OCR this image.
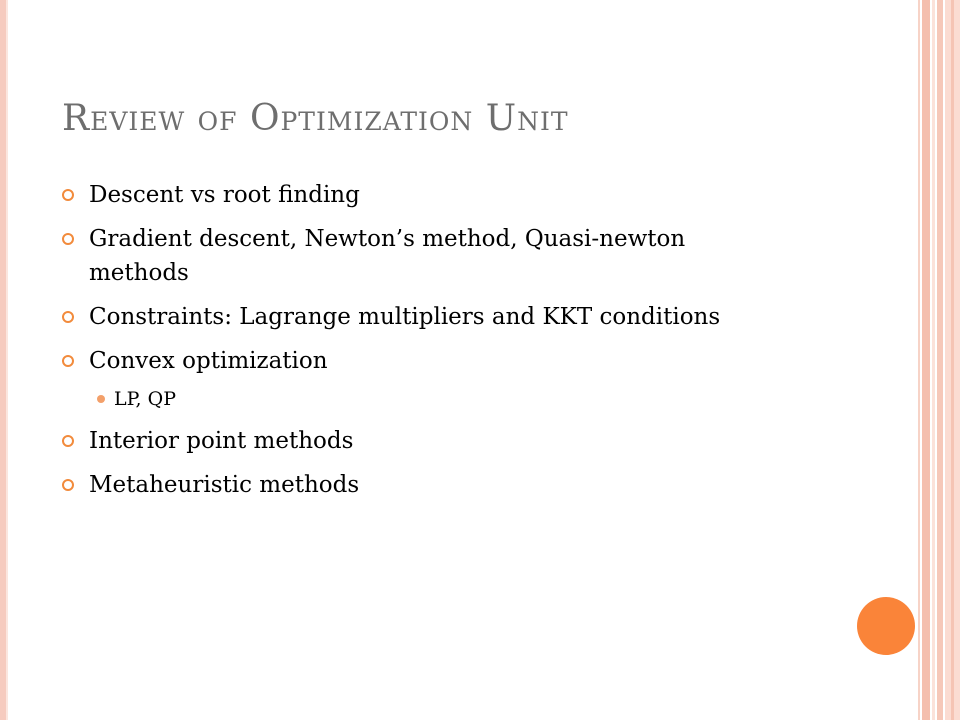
Review of Optimization Unit
Descent vs root finding
Gradient descent, Newton’s method, Quasi-newton methods
Constraints: Lagrange multipliers and KKT conditions
Convex optimization
LP, QP
Interior point methods
Metaheuristic methods
